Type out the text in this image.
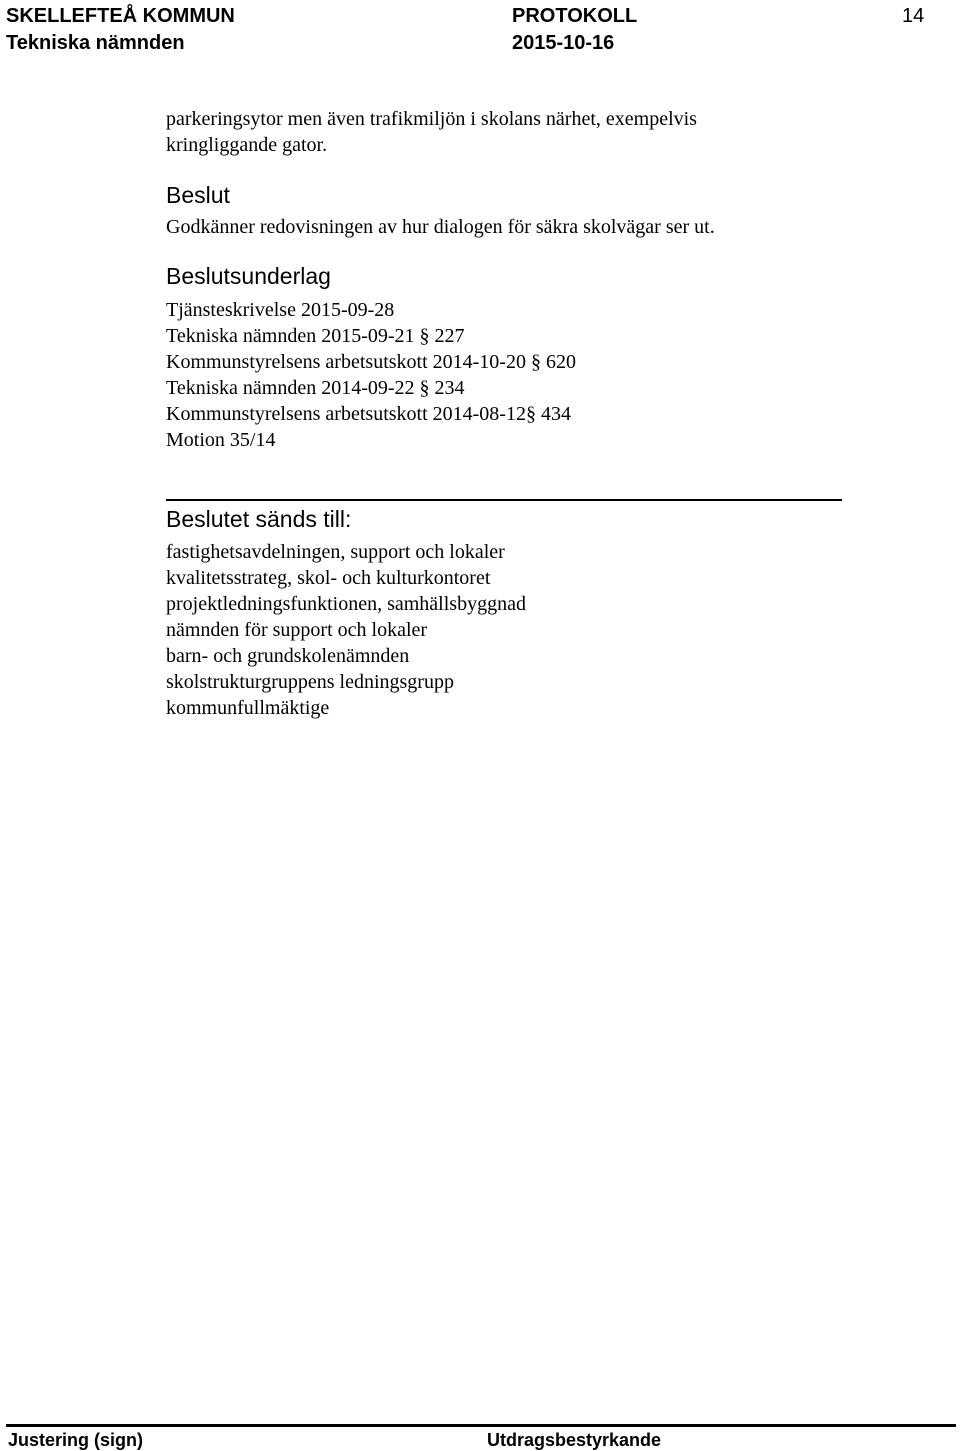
SKELLEFTEÅ KOMMUN
Tekniska nämnden
PROTOKOLL
2015-10-16
14
parkeringsytor men även trafikmiljön i skolans närhet, exempelvis
kringliggande gator.
Beslut
Godkänner redovisningen av hur dialogen för säkra skolvägar ser ut.
Beslutsunderlag
Tjänsteskrivelse 2015-09-28
Tekniska nämnden 2015-09-21 § 227
Kommunstyrelsens arbetsutskott 2014-10-20 § 620
Tekniska nämnden 2014-09-22 § 234
Kommunstyrelsens arbetsutskott 2014-08-12§ 434
Motion 35/14
Beslutet sänds till:
fastighetsavdelningen, support och lokaler
kvalitetsstrateg, skol- och kulturkontoret
projektledningsfunktionen, samhällsbyggnad
nämnden för support och lokaler
barn- och grundskolenämnden
skolstrukturgruppens ledningsgrupp
kommunfullmäktige
Justering (sign)	Utdragsbestyrkande
